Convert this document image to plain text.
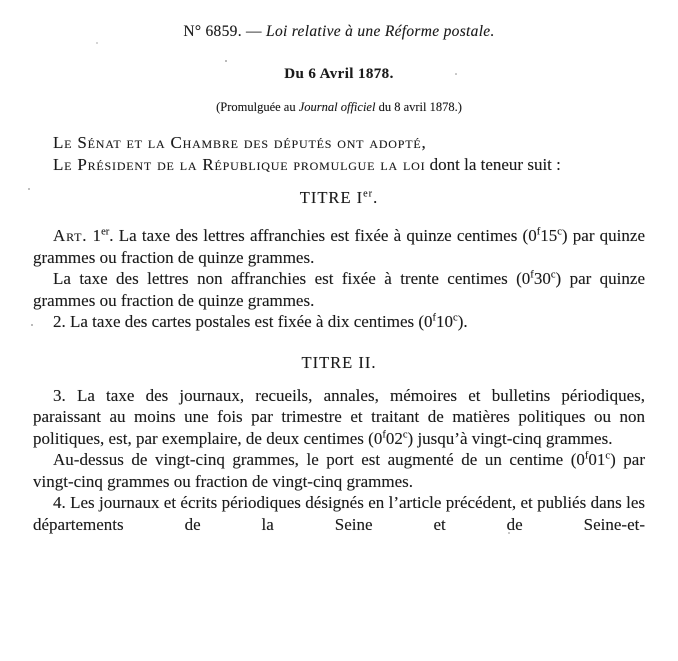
N° 6859. — Loi relative à une Réforme postale.

Du 6 Avril 1878.

(Promulguée au Journal officiel du 8 avril 1878.)

Le Sénat et la Chambre des députés ont adopté,

Le Président de la République promulgue la loi dont la teneur suit :

TITRE Ier.

Art. 1er. La taxe des lettres affranchies est fixée à quinze centimes (0$^f$15$^c$) par quinze grammes ou fraction de quinze grammes.

La taxe des lettres non affranchies est fixée à trente centimes (0$^f$30$^c$) par quinze grammes ou fraction de quinze grammes.

2. La taxe des cartes postales est fixée à dix centimes (0$^f$10$^c$).

TITRE II.

3. La taxe des journaux, recueils, annales, mémoires et bulletins périodiques, paraissant au moins une fois par trimestre et traitant de matières politiques ou non politiques, est, par exemplaire, de deux centimes (0$^f$02$^c$) jusqu’à vingt-cinq grammes.

Au-dessus de vingt-cinq grammes, le port est augmenté de un centime (0$^f$01$^c$) par vingt-cinq grammes ou fraction de vingt-cinq grammes.

4. Les journaux et écrits périodiques désignés en l’article précédent, et publiés dans les départements de la Seine et de Seine-et-
